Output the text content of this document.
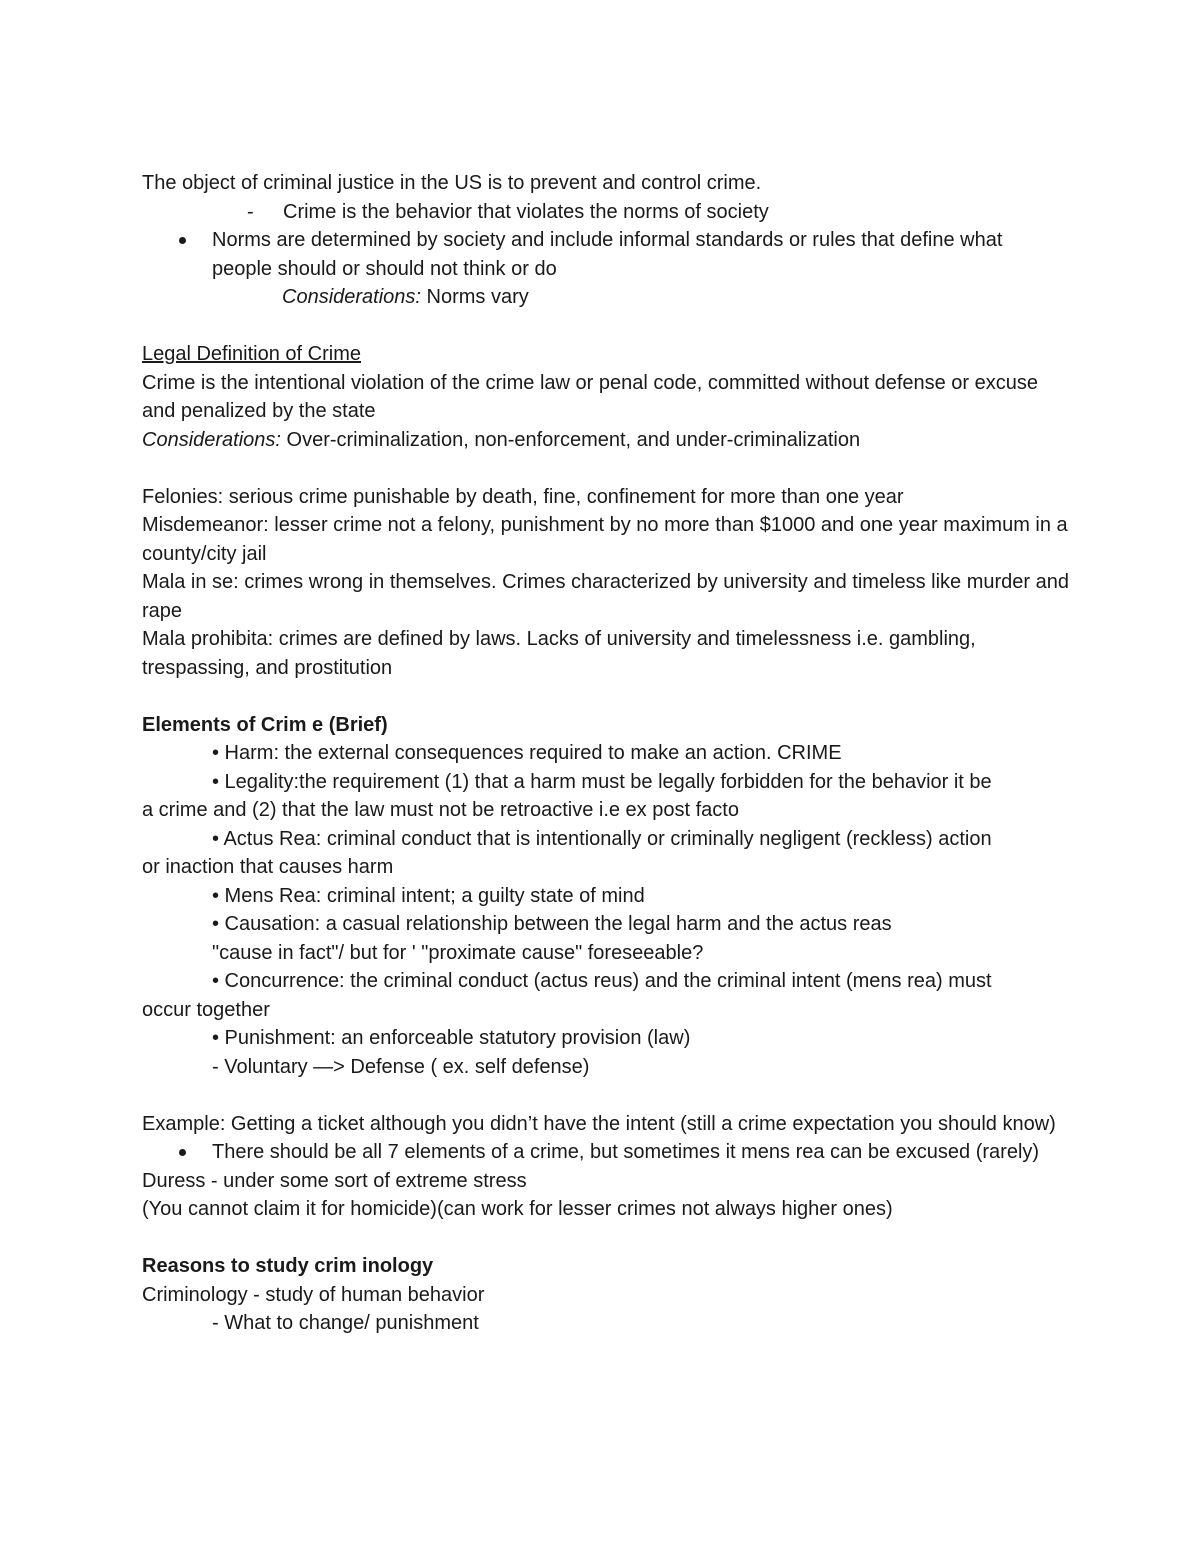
The object of criminal justice in the US is to prevent and control crime.
- Crime is the behavior that violates the norms of society
Norms are determined by society and include informal standards or rules that define what people should or should not think or do
Considerations: Norms vary
Legal Definition of Crime
Crime is the intentional violation of the crime law or penal code, committed without defense or excuse and penalized by the state
Considerations: Over-criminalization, non-enforcement, and under-criminalization
Felonies: serious crime punishable by death, fine, confinement for more than one year
Misdemeanor: lesser crime not a felony, punishment by no more than $1000 and one year maximum in a county/city jail
Mala in se: crimes wrong in themselves. Crimes characterized by university and timeless like murder and rape
Mala prohibita: crimes are defined by laws. Lacks of university and timelessness i.e. gambling, trespassing, and prostitution
Elements of Crim e (Brief)
• Harm: the external consequences required to make an action. CRIME
• Legality:the requirement (1) that a harm must be legally forbidden for the behavior it be
a crime and (2) that the law must not be retroactive i.e ex post facto
• Actus Rea: criminal conduct that is intentionally or criminally negligent (reckless) action
or inaction that causes harm
• Mens Rea: criminal intent; a guilty state of mind
• Causation: a casual relationship between the legal harm and the actus reas
"cause in fact"/ but for ' "proximate cause" foreseeable?
• Concurrence: the criminal conduct (actus reus) and the criminal intent (mens rea) must
occur together
• Punishment: an enforceable statutory provision (law)
- Voluntary —> Defense ( ex. self defense)
Example: Getting a ticket although you didn’t have the intent (still a crime expectation you should know)
There should be all 7 elements of a crime, but sometimes it mens rea can be excused (rarely)
Duress - under some sort of extreme stress
(You cannot claim it for homicide)(can work for lesser crimes not always higher ones)
Reasons to study crim inology
Criminology - study of human behavior
- What to change/ punishment
